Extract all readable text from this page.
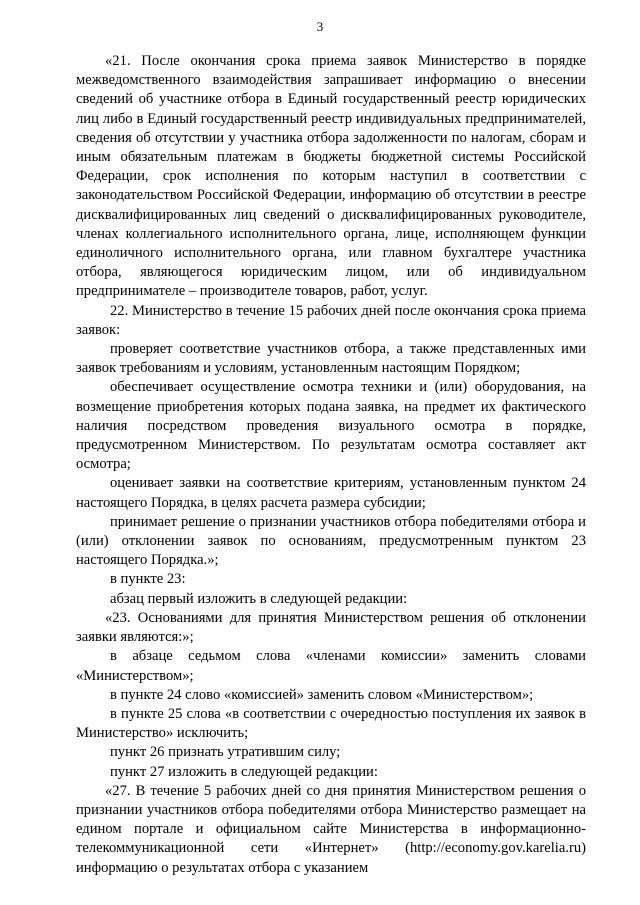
3

«21. После окончания срока приема заявок Министерство в порядке межведомственного взаимодействия запрашивает информацию о внесении сведений об участнике отбора в Единый государственный реестр юридических лиц либо в Единый государственный реестр индивидуальных предпринимателей, сведения об отсутствии у участника отбора задолженности по налогам, сборам и иным обязательным платежам в бюджеты бюджетной системы Российской Федерации, срок исполнения по которым наступил в соответствии с законодательством Российской Федерации, информацию об отсутствии в реестре дисквалифицированных лиц сведений о дисквалифицированных руководителе, членах коллегиального исполнительного органа, лице, исполняющем функции единоличного исполнительного органа, или главном бухгалтере участника отбора, являющегося юридическим лицом, или об индивидуальном предпринимателе – производителе товаров, работ, услуг.

22. Министерство в течение 15 рабочих дней после окончания срока приема заявок:

проверяет соответствие участников отбора, а также представленных ими заявок требованиям и условиям, установленным настоящим Порядком;

обеспечивает осуществление осмотра техники и (или) оборудования, на возмещение приобретения которых подана заявка, на предмет их фактического наличия посредством проведения визуального осмотра в порядке, предусмотренном Министерством. По результатам осмотра составляет акт осмотра;

оценивает заявки на соответствие критериям, установленным пунктом 24 настоящего Порядка, в целях расчета размера субсидии;

принимает решение о признании участников отбора победителями отбора и (или) отклонении заявок по основаниям, предусмотренным пунктом 23 настоящего Порядка.»;

в пункте 23:

абзац первый изложить в следующей редакции:

«23. Основаниями для принятия Министерством решения об отклонении заявки являются:»;

в абзаце седьмом слова «членами комиссии» заменить словами «Министерством»;

в пункте 24 слово «комиссией» заменить словом «Министерством»;

в пункте 25 слова «в соответствии с очередностью поступления их заявок в Министерство» исключить;

пункт 26 признать утратившим силу;

пункт 27 изложить в следующей редакции:

«27. В течение 5 рабочих дней со дня принятия Министерством решения о признании участников отбора победителями отбора Министерство размещает на едином портале и официальном сайте Министерства в информационно-телекоммуникационной сети «Интернет» (http://economy.gov.karelia.ru) информацию о результатах отбора с указанием
